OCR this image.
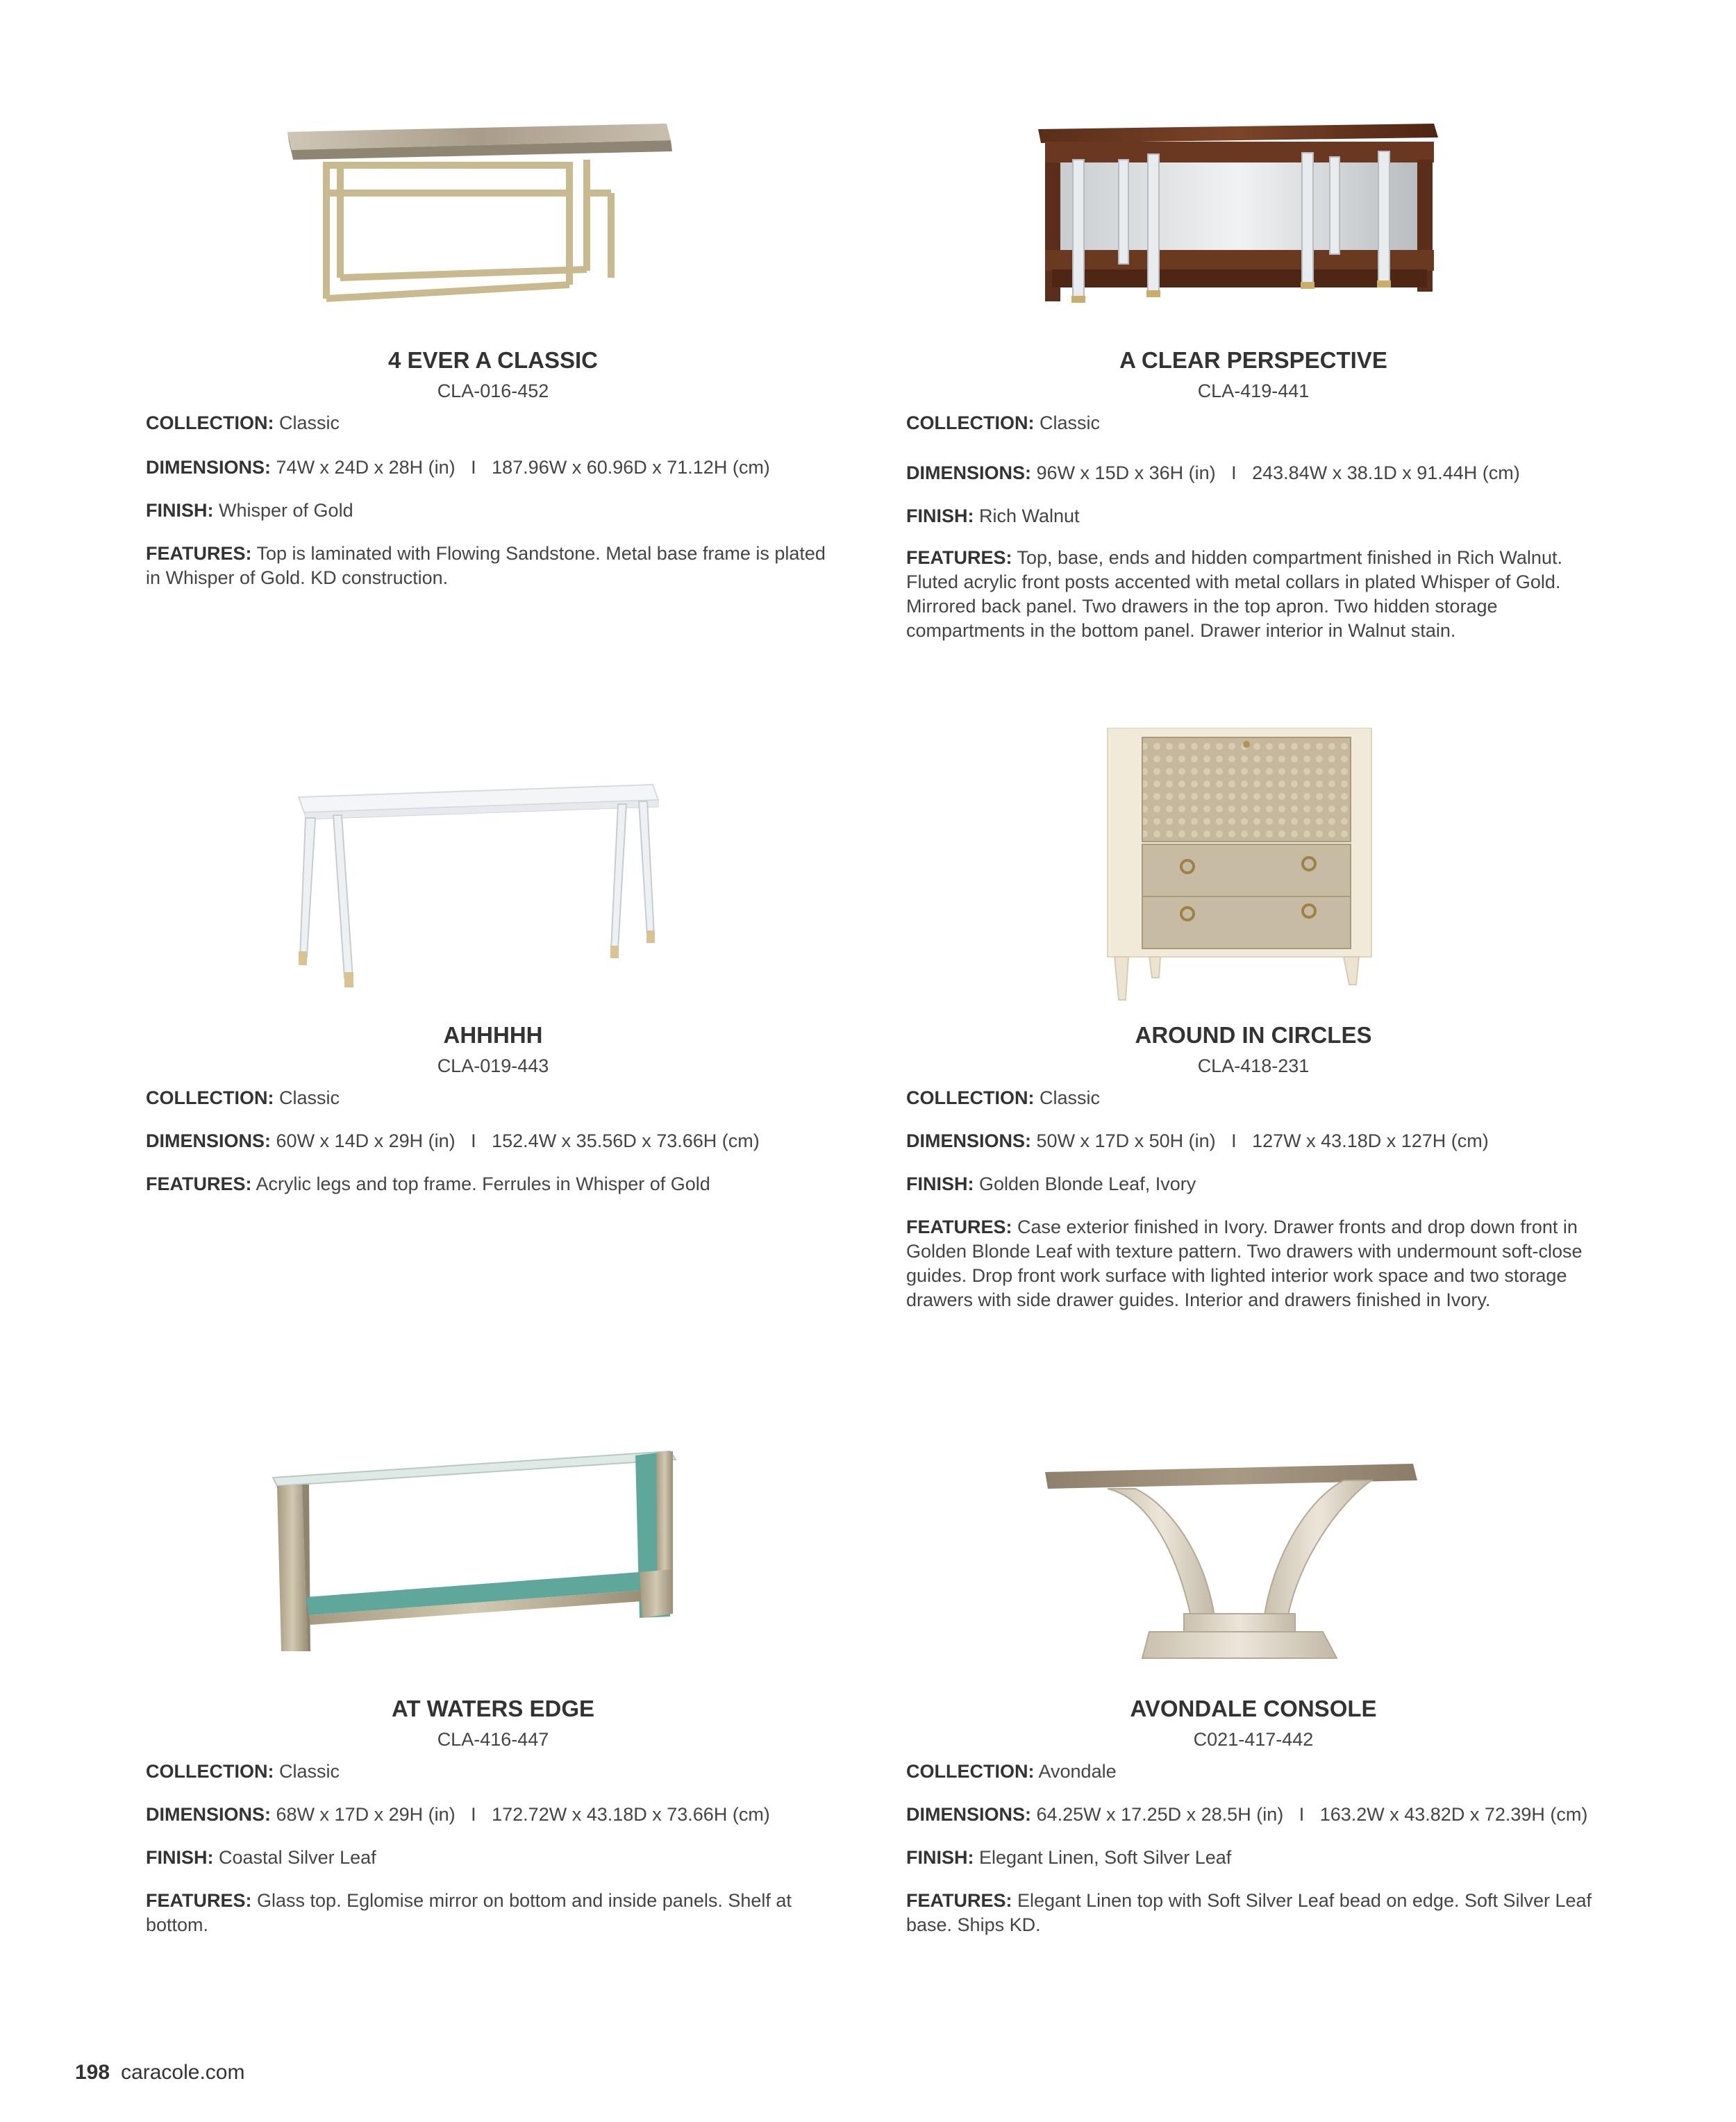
4 EVER A CLASSIC
CLA-016-452
COLLECTION: Classic
DIMENSIONS: 74W x 24D x 28H (in)   I   187.96W x 60.96D x 71.12H (cm)
FINISH: Whisper of Gold
FEATURES: Top is laminated with Flowing Sandstone. Metal base frame is plated in Whisper of Gold. KD construction.
A CLEAR PERSPECTIVE
CLA-419-441
COLLECTION: Classic
DIMENSIONS: 96W x 15D x 36H (in)   I   243.84W x 38.1D x 91.44H (cm)
FINISH: Rich Walnut
FEATURES: Top, base, ends and hidden compartment finished in Rich Walnut. Fluted acrylic front posts accented with metal collars in plated Whisper of Gold. Mirrored back panel. Two drawers in the top apron. Two hidden storage compartments in the bottom panel. Drawer interior in Walnut stain.
AHHHHH
CLA-019-443
COLLECTION: Classic
DIMENSIONS: 60W x 14D x 29H (in)   I   152.4W x 35.56D x 73.66H (cm)
FEATURES: Acrylic legs and top frame. Ferrules in Whisper of Gold
AROUND IN CIRCLES
CLA-418-231
COLLECTION: Classic
DIMENSIONS: 50W x 17D x 50H (in)   I   127W x 43.18D x 127H (cm)
FINISH: Golden Blonde Leaf, Ivory
FEATURES: Case exterior finished in Ivory. Drawer fronts and drop down front in Golden Blonde Leaf with texture pattern. Two drawers with undermount soft-close guides. Drop front work surface with lighted interior work space and two storage drawers with side drawer guides. Interior and drawers finished in Ivory.
AT WATERS EDGE
CLA-416-447
COLLECTION: Classic
DIMENSIONS: 68W x 17D x 29H (in)   I   172.72W x 43.18D x 73.66H (cm)
FINISH: Coastal Silver Leaf
FEATURES: Glass top. Eglomise mirror on bottom and inside panels. Shelf at bottom.
AVONDALE CONSOLE
C021-417-442
COLLECTION: Avondale
DIMENSIONS: 64.25W x 17.25D x 28.5H (in)   I   163.2W x 43.82D x 72.39H (cm)
FINISH: Elegant Linen, Soft Silver Leaf
FEATURES: Elegant Linen top with Soft Silver Leaf bead on edge. Soft Silver Leaf base. Ships KD.
198 caracole.com
